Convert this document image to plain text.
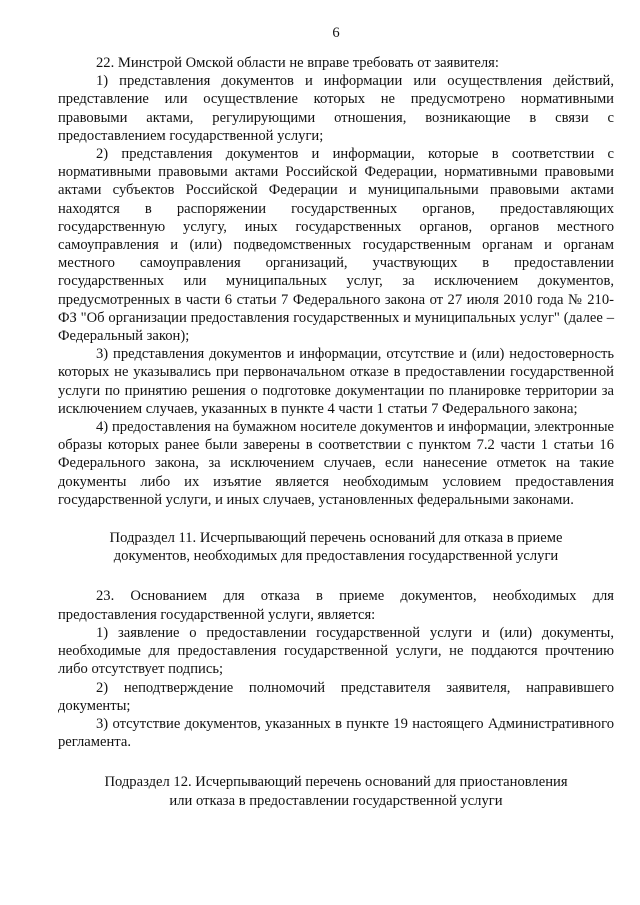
6

22. Минстрой Омской области не вправе требовать от заявителя:

1) представления документов и информации или осуществления действий, представление или осуществление которых не предусмотрено нормативными правовыми актами, регулирующими отношения, возникающие в связи с предоставлением государственной услуги;

2) представления документов и информации, которые в соответствии с нормативными правовыми актами Российской Федерации, нормативными правовыми актами субъектов Российской Федерации и муниципальными правовыми актами находятся в распоряжении государственных органов, предоставляющих государственную услугу, иных государственных органов, органов местного самоуправления и (или) подведомственных государственным органам и органам местного самоуправления организаций, участвующих в предоставлении государственных или муниципальных услуг, за исключением документов, предусмотренных в части 6 статьи 7 Федерального закона от 27 июля 2010 года № 210-ФЗ "Об организации предоставления государственных и муниципальных услуг" (далее – Федеральный закон);

3) представления документов и информации, отсутствие и (или) недостоверность которых не указывались при первоначальном отказе в предоставлении государственной услуги по принятию решения о подготовке документации по планировке территории за исключением случаев, указанных в пункте 4 части 1 статьи 7 Федерального закона;

4) предоставления на бумажном носителе документов и информации, электронные образы которых ранее были заверены в соответствии с пунктом 7.2 части 1 статьи 16 Федерального закона, за исключением случаев, если нанесение отметок на такие документы либо их изъятие является необходимым условием предоставления государственной услуги, и иных случаев, установленных федеральными законами.

Подраздел 11. Исчерпывающий перечень оснований для отказа в приеме

документов, необходимых для предоставления государственной услуги

23. Основанием для отказа в приеме документов, необходимых для предоставления государственной услуги, является:

1) заявление о предоставлении государственной услуги и (или) документы, необходимые для предоставления государственной услуги, не поддаются прочтению либо отсутствует подпись;

2) неподтверждение полномочий представителя заявителя, направившего документы;

3) отсутствие документов, указанных в пункте 19 настоящего Административного регламента.

Подраздел 12. Исчерпывающий перечень оснований для приостановления

или отказа в предоставлении государственной услуги
